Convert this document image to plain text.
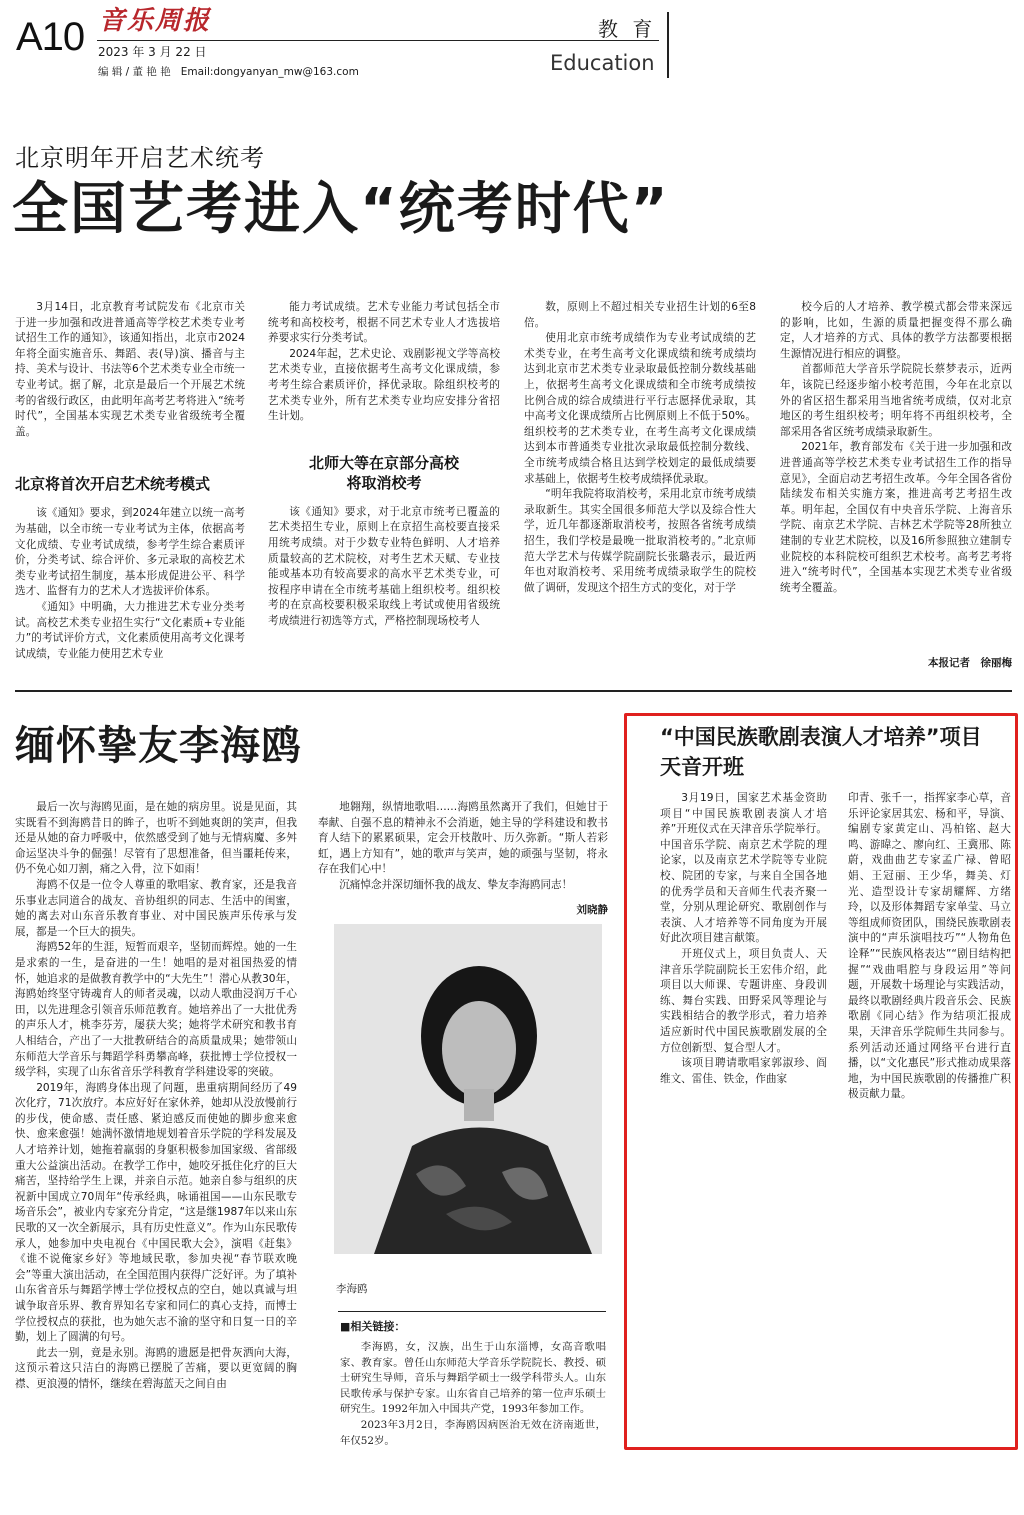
A10 音乐周报
2023 年 3 月 22 日
编 辑 / 董 艳 艳   Email:dongyanyan_mw@163.com
教 育
Education
北京明年开启艺术统考
全国艺考进入“统考时代”

3月14日，北京教育考试院发布《北京市关于进一步加强和改进普通高等学校艺术类专业考试招生工作的通知》，该通知指出，北京市2024年将全面实施音乐、舞蹈、表(导)演、播音与主持、美术与设计、书法等6个艺术类专业全市统一专业考试。据了解，北京是最后一个开展艺术统考的省级行政区，由此明年高考艺考将进入“统考时代”，全国基本实现艺术类专业省级统考全覆盖。

北京将首次开启艺术统考模式

该《通知》要求，到2024年建立以统一高考为基础，以全市统一专业考试为主体，依据高考文化成绩、专业考试成绩，参考学生综合素质评价，分类考试、综合评价、多元录取的高校艺术类专业考试招生制度，基本形成促进公平、科学选才、监督有力的艺术人才选拔评价体系。

《通知》中明确，大力推进艺术专业分类考试。高校艺术类专业招生实行“文化素质+专业能力”的考试评价方式，文化素质使用高考文化课考试成绩，专业能力使用艺术专业

能力考试成绩。艺术专业能力考试包括全市统考和高校校考，根据不同艺术专业人才选拔培养要求实行分类考试。

2024年起，艺术史论、戏剧影视文学等高校艺术类专业，直接依据考生高考文化课成绩，参考考生综合素质评价，择优录取。除组织校考的艺术类专业外，所有艺术类专业均应安排分省招生计划。

北师大等在京部分高校
将取消校考

该《通知》要求，对于北京市统考已覆盖的艺术类招生专业，原则上在京招生高校要直接采用统考成绩。对于少数专业特色鲜明、人才培养质量较高的艺术院校，对考生艺术天赋、专业技能或基本功有较高要求的高水平艺术类专业，可按程序申请在全市统考基础上组织校考。组织校考的在京高校要积极采取线上考试或使用省级统考成绩进行初选等方式，严格控制现场校考人

数，原则上不超过相关专业招生计划的6至8倍。

使用北京市统考成绩作为专业考试成绩的艺术类专业，在考生高考文化课成绩和统考成绩均达到北京市艺术类专业录取最低控制分数线基础上，依据考生高考文化课成绩和全市统考成绩按比例合成的综合成绩进行平行志愿择优录取，其中高考文化课成绩所占比例原则上不低于50%。组织校考的艺术类专业，在考生高考文化课成绩达到本市普通类专业批次录取最低控制分数线、全市统考成绩合格且达到学校划定的最低成绩要求基础上，依据考生校考成绩择优录取。

“明年我院将取消校考，采用北京市统考成绩录取新生。其实全国很多师范大学以及综合性大学，近几年都逐渐取消校考，按照各省统考成绩招生，我们学校是最晚一批取消校考的。”北京师范大学艺术与传媒学院副院长张璐表示，最近两年也对取消校考、采用统考成绩录取学生的院校做了调研，发现这个招生方式的变化，对于学

校今后的人才培养、教学模式都会带来深远的影响，比如，生源的质量把握变得不那么确定，人才培养的方式、具体的教学方法都要根据生源情况进行相应的调整。

首都师范大学音乐学院院长蔡梦表示，近两年，该院已经逐步缩小校考范围，今年在北京以外的省区招生都采用当地省统考成绩，仅对北京地区的考生组织校考；明年将不再组织校考，全部采用各省区统考成绩录取新生。

2021年，教育部发布《关于进一步加强和改进普通高等学校艺术类专业考试招生工作的指导意见》，全面启动艺考招生改革。今年全国各省份陆续发布相关实施方案，推进高考艺考招生改革。明年起，全国仅有中央音乐学院、上海音乐学院、南京艺术学院、吉林艺术学院等28所独立建制的专业艺术院校，以及16所参照独立建制专业院校的本科院校可组织艺术校考。高考艺考将进入“统考时代”，全国基本实现艺术类专业省级统考全覆盖。

本报记者　徐丽梅
缅怀挚友李海鸥

最后一次与海鸥见面，是在她的病房里。说是见面，其实既看不到海鸥昔日的眸子，也听不到她爽朗的笑声，但我还是从她的奋力呼吸中，依然感受到了她与无情病魔、多舛命运坚决斗争的倔强！尽管有了思想准备，但当噩耗传来，仍不免心如刀割，痛之入骨，泣下如雨！

海鸥不仅是一位令人尊重的歌唱家、教育家，还是我音乐事业志同道合的战友、音协组织的同志、生活中的闺蜜，她的离去对山东音乐教育事业、对中国民族声乐传承与发展，都是一个巨大的损失。

海鸥52年的生涯，短暂而艰辛，坚韧而辉煌。她的一生是求索的一生，是奋进的一生！她唱的是对祖国热爱的情怀，她追求的是做教育教学中的“大先生”！潜心从教30年，海鸥始终坚守铸魂育人的师者灵魂，以动人歌曲浸润万千心田，以先进理念引领音乐师范教育。她培养出了一大批优秀的声乐人才，桃李芬芳，屡获大奖；她将学术研究和教书育人相结合，产出了一大批教研结合的高质量成果；她带领山东师范大学音乐与舞蹈学科勇攀高峰，获批博士学位授权一级学科，实现了山东省音乐学科教育学科建设零的突破。

2019年，海鸥身体出现了问题，患重病期间经历了49次化疗，71次放疗。本应好好在家休养，她却从没放慢前行的步伐，使命感、责任感、紧迫感反而使她的脚步愈来愈快、愈来愈强！她满怀激情地规划着音乐学院的学科发展及人才培养计划，她拖着羸弱的身躯积极参加国家级、省部级重大公益演出活动。在教学工作中，她咬牙抵住化疗的巨大痛苦，坚持给学生上课，并亲自示范。她亲自参与组织的庆祝新中国成立70周年“传承经典，咏诵祖国——山东民歌专场音乐会”，被业内专家充分肯定，“这是继1987年以来山东民歌的又一次全新展示，具有历史性意义”。作为山东民歌传承人，她参加中央电视台《中国民歌大会》，演唱《赶集》《谁不说俺家乡好》等地域民歌，参加央视“春节联欢晚会”等重大演出活动，在全国范围内获得广泛好评。为了填补山东省音乐与舞蹈学博士学位授权点的空白，她以真诚与坦诚争取音乐界、教育界知名专家和同仁的真心支持，而博士学位授权点的获批，也为她矢志不渝的坚守和日复一日的辛勤，划上了圆满的句号。

此去一别，竟是永别。海鸥的遗愿是把骨灰洒向大海，这预示着这只洁白的海鸥已摆脱了苦痛，要以更宽阔的胸襟、更浪漫的情怀，继续在碧海蓝天之间自由

地翱翔，纵情地歌唱……海鸥虽然离开了我们，但她甘于奉献、自强不息的精神永不会消逝，她主导的学科建设和教书育人结下的累累硕果，定会开枝散叶、历久弥新。“斯人若彩虹，遇上方知有”，她的歌声与笑声，她的顽强与坚韧，将永存在我们心中！

沉痛悼念并深切缅怀我的战友、挚友李海鸥同志！

刘晓静
李海鸥
■相关链接：

李海鸥，女，汉族，出生于山东淄博，女高音歌唱家、教育家。曾任山东师范大学音乐学院院长、教授、硕士研究生导师，音乐与舞蹈学硕士一级学科带头人。山东民歌传承与保护专家。山东省自己培养的第一位声乐硕士研究生。1992年加入中国共产党，1993年参加工作。

2023年3月2日，李海鸥因病医治无效在济南逝世，年仅52岁。

“中国民族歌剧表演人才培养”项目
天音开班

3月19日，国家艺术基金资助项目“中国民族歌剧表演人才培养”开班仪式在天津音乐学院举行。中国音乐学院、南京艺术学院的理论家，以及南京艺术学院等专业院校、院团的专家，与来自全国各地的优秀学员和天音师生代表齐聚一堂，分别从理论研究、歌剧创作与表演、人才培养等不同角度为开展好此次项目建言献策。

开班仪式上，项目负责人、天津音乐学院副院长王宏伟介绍，此项目以大师课、专题讲座、身段训练、舞台实践、田野采风等理论与实践相结合的教学形式，着力培养适应新时代中国民族歌剧发展的全方位创新型、复合型人才。

该项目聘请歌唱家郭淑珍、阎维文、雷佳、铁金，作曲家

印青、张千一，指挥家李心草，音乐评论家居其宏、杨和平，导演、编剧专家黄定山、冯柏铭、赵大鸣、游暐之、廖向红、王冀邢、陈蔚，戏曲曲艺专家孟广禄、曾昭娟、王冠丽、王少华，舞美、灯光、造型设计专家胡耀辉、方绪玲，以及形体舞蹈专家单莹、马立等组成师资团队，围绕民族歌剧表演中的“声乐演唱技巧”“人物角色诠释”“民族风格表达”“剧目结构把握”“戏曲唱腔与身段运用”等问题，开展数十场理论与实践活动，最终以歌剧经典片段音乐会、民族歌剧《同心结》作为结项汇报成果，天津音乐学院师生共同参与。系列活动还通过网络平台进行直播，以“文化惠民”形式推动成果落地，为中国民族歌剧的传播推广积极贡献力量。
